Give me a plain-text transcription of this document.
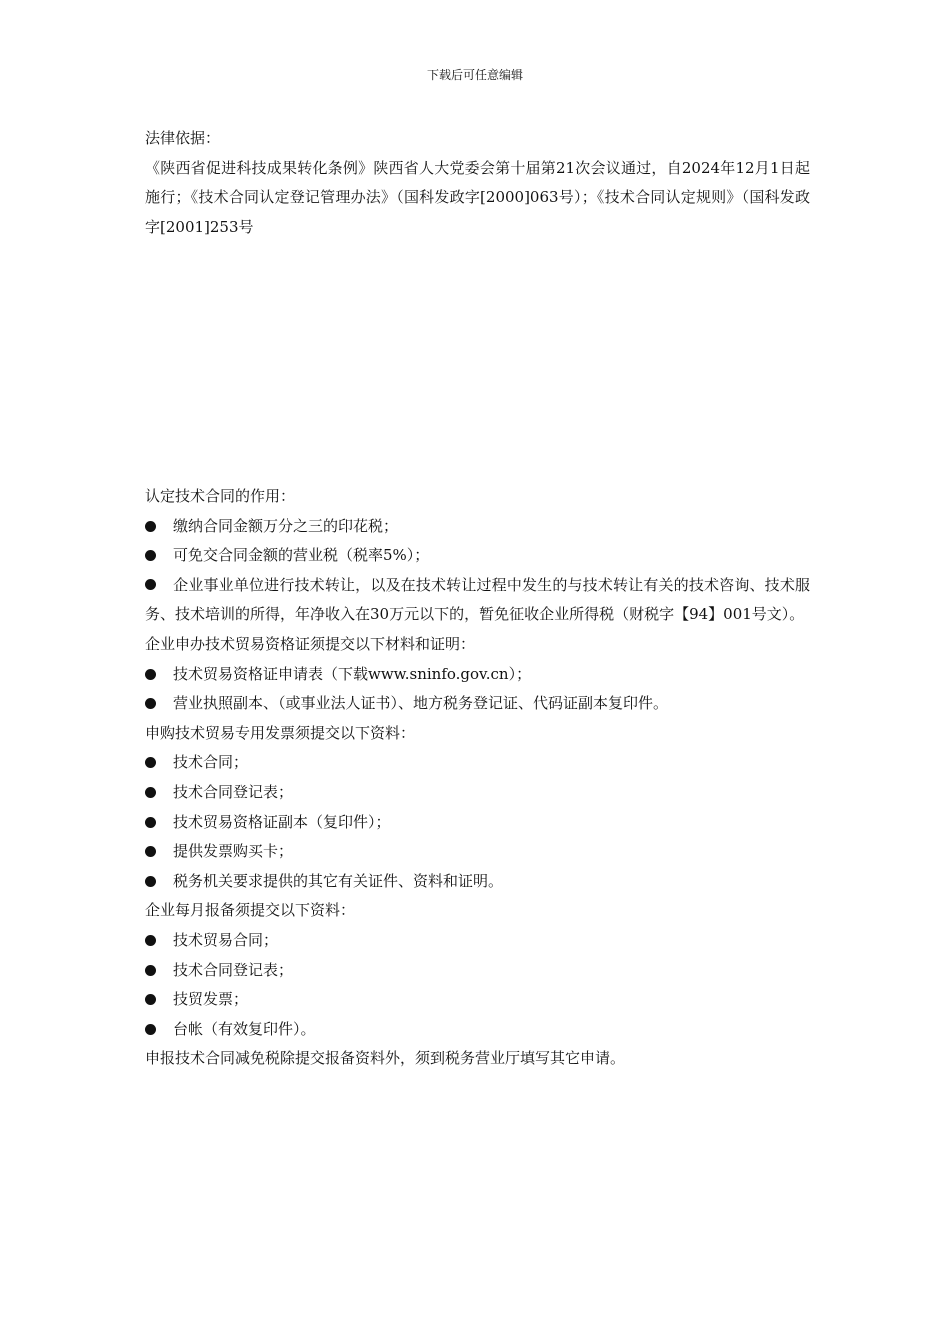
下载后可任意编辑

法律依据：

《陕西省促进科技成果转化条例》陕西省人大党委会第十届第21次会议通过，自2024年12月1日起施行；《技术合同认定登记管理办法》（国科发政字[2000]063号）；《技术合同认定规则》（国科发政字[2001]253号

认定技术合同的作用：

缴纳合同金额万分之三的印花税；

可免交合同金额的营业税（税率5%）；

企业事业单位进行技术转让，以及在技术转让过程中发生的与技术转让有关的技术咨询、技术服务、技术培训的所得，年净收入在30万元以下的，暂免征收企业所得税（财税字【94】001号文）。

企业申办技术贸易资格证须提交以下材料和证明：

技术贸易资格证申请表（下载www.sninfo.gov.cn）；

营业执照副本、（或事业法人证书）、地方税务登记证、代码证副本复印件。

申购技术贸易专用发票须提交以下资料：

技术合同；

技术合同登记表；

技术贸易资格证副本（复印件）；

提供发票购买卡；

税务机关要求提供的其它有关证件、资料和证明。

企业每月报备须提交以下资料：

技术贸易合同；

技术合同登记表；

技贸发票；

台帐（有效复印件）。

申报技术合同减免税除提交报备资料外，须到税务营业厅填写其它申请。
